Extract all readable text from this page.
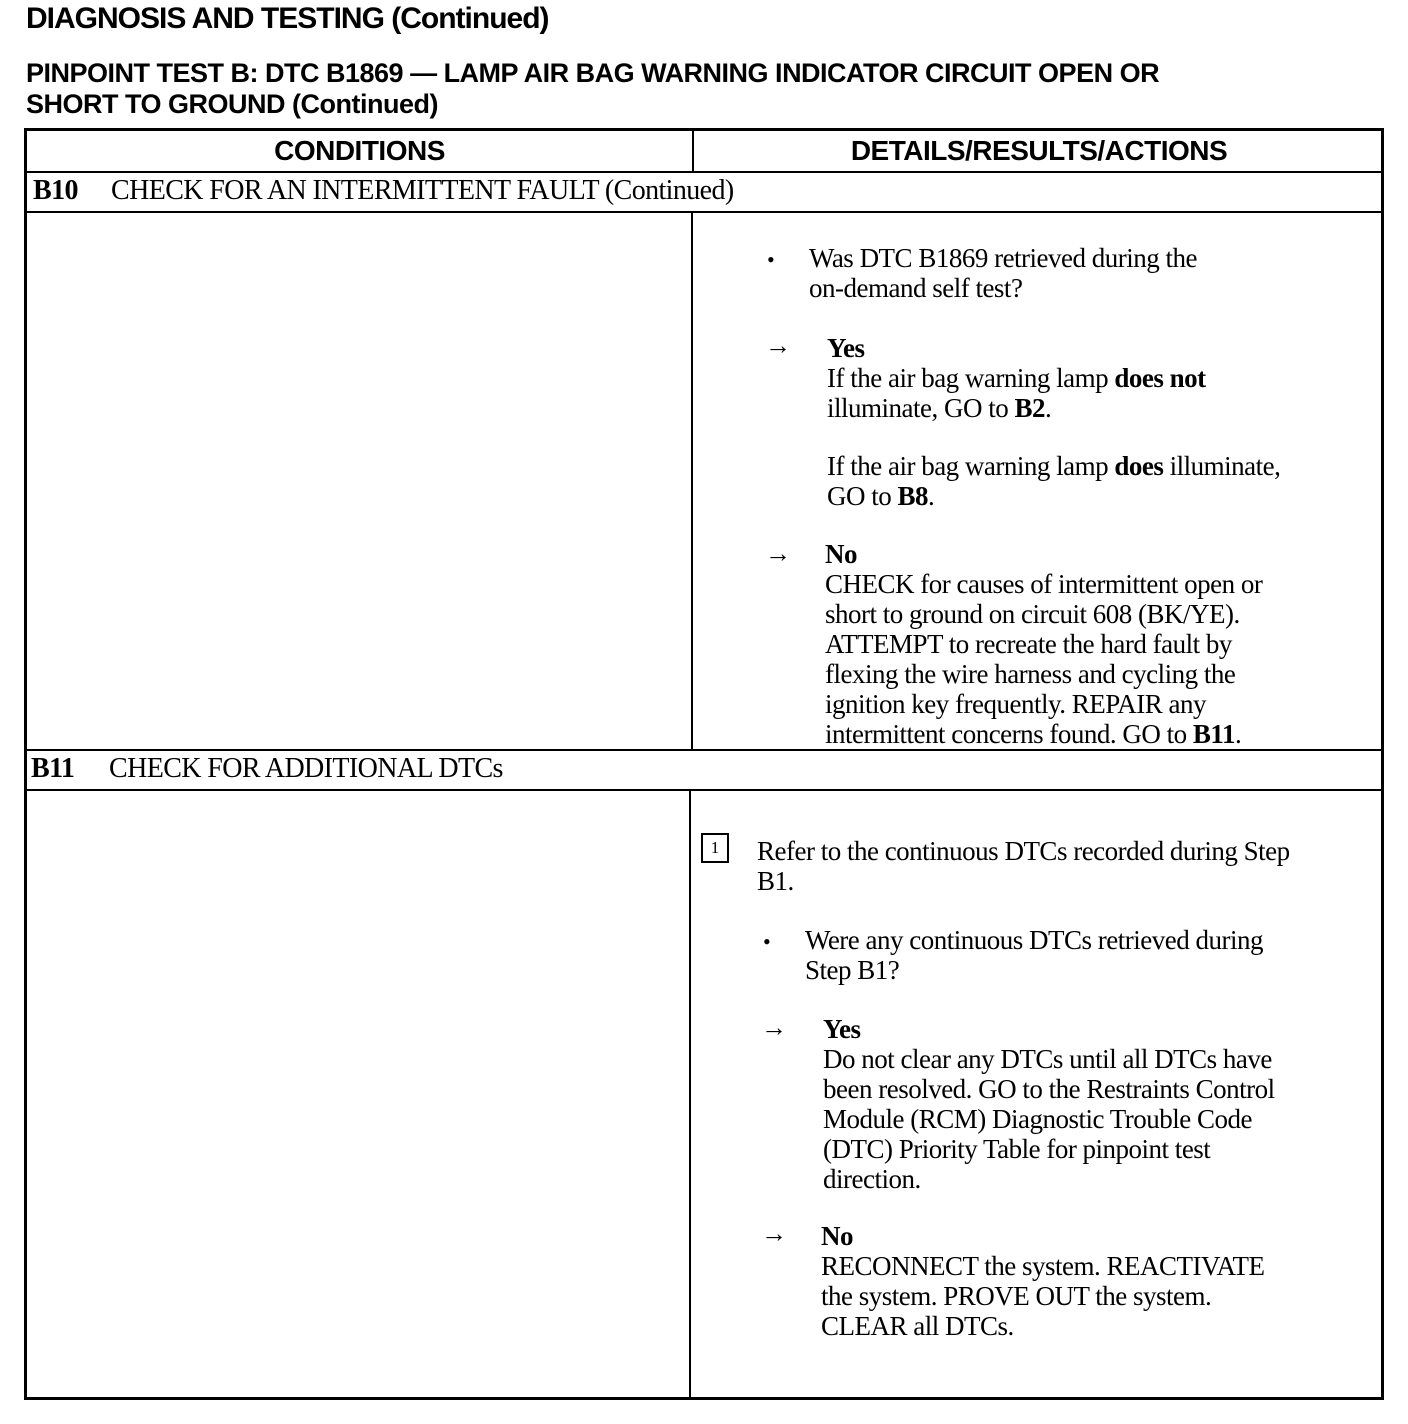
DIAGNOSIS AND TESTING (Continued)
PINPOINT TEST B: DTC B1869 — LAMP AIR BAG WARNING INDICATOR CIRCUIT OPEN OR
SHORT TO GROUND (Continued)
CONDITIONS	DETAILS/RESULTS/ACTIONS
B10 CHECK FOR AN INTERMITTENT FAULT (Continued)
• Was DTC B1869 retrieved during the

on-demand self test?

→ Yes

If the air bag warning lamp does not

illuminate, GO to B2.

If the air bag warning lamp does illuminate,

GO to B8.

→ No

CHECK for causes of intermittent open or

short to ground on circuit 608 (BK/YE).

ATTEMPT to recreate the hard fault by

flexing the wire harness and cycling the

ignition key frequently. REPAIR any

intermittent concerns found. GO to B11.

B11 CHECK FOR ADDITIONAL DTCs
1	Refer to the continuous DTCs recorded during Step

B1.

• Were any continuous DTCs retrieved during

Step B1?

→ Yes

Do not clear any DTCs until all DTCs have

been resolved. GO to the Restraints Control

Module (RCM) Diagnostic Trouble Code

(DTC) Priority Table for pinpoint test

direction.

→ No

RECONNECT the system. REACTIVATE

the system. PROVE OUT the system.

CLEAR all DTCs.
